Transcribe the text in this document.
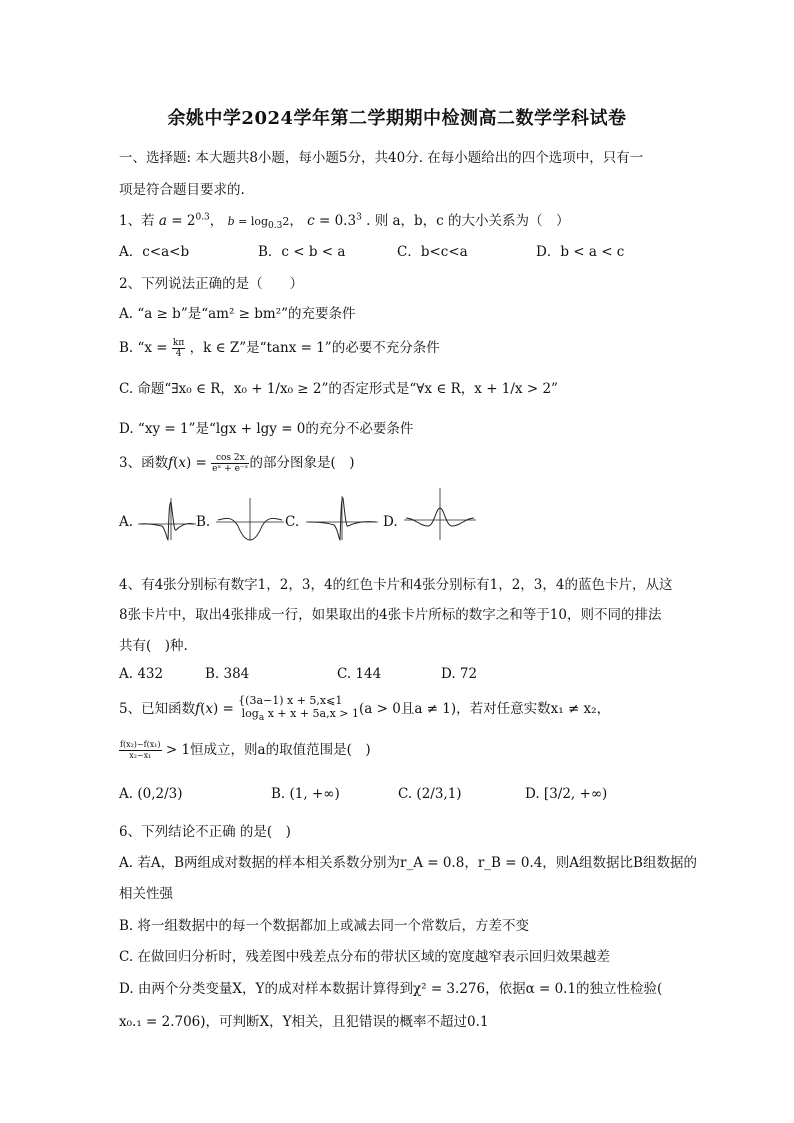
余姚中学2024学年第二学期期中检测高二数学学科试卷
一、选择题: 本大题共8小题，每小题5分，共40分. 在每小题给出的四个选项中，只有一
项是符合题目要求的.
1、若 $a = 2^{0.3}$， $b = \log_{0.3}2$， $c = 0.3^3$ . 则 a，b，c 的大小关系为（　）
A．c<a<b	B．c < b < a	C．b<c<a	D．b < a < c
2、下列说法正确的是（　　）
A. “a ≥ b”是“am² ≥ bm²”的充要条件
B. “$x = \frac{k\pi}{4}$ ，k ∈ Z”是“tanx = 1”的必要不充分条件
C. 命题“∃x₀ ∈ R，x₀ + 1/x₀ ≥ 2”的否定形式是“∀x ∈ R，x + 1/x > 2”
D. “xy = 1”是“lgx + lgy = 0的充分不必要条件
3、函数$f(x) = \frac{\cos 2x}{\text{eˣ + e⁻ˣ}}$ 的部分图象是(　)
A.	B.	C.	D.
4、有4张分别标有数字1，2，3，4的红色卡片和4张分别标有1，2，3，4的蓝色卡片，从这
8张卡片中，取出4张排成一行，如果取出的4张卡片所标的数字之和等于10，则不同的排法
共有(　)种.
A. 432	B. 384	C. 144	D. 72
5、已知函数f(x) = {(3a−1) x + 5,x⩽1
$\log_a x + x + 5a,x > 1(a > 0$且a ≠ 1)，若对任意实数x₁ ≠ x₂，
$\frac{\text{f(x₂)−f(x₁)}}{\text{x₂−x₁}} > 1$恒成立，则a的取值范围是(　)
A. (0,2/3)	B. (1, +∞)	C. (2/3,1)	D. [3/2, +∞)
6、下列结论不正确 的是(　)
A. 若A，B两组成对数据的样本相关系数分别为r_A = 0.8，r_B = 0.4，则A组数据比B组数据的
相关性强
B. 将一组数据中的每一个数据都加上或减去同一个常数后，方差不变
C. 在做回归分析时，残差图中残差点分布的带状区域的宽度越窄表示回归效果越差
D. 由两个分类变量X，Y的成对样本数据计算得到χ² = 3.276，依据α = 0.1的独立性检验(
x₀.₁ = 2.706)，可判断X，Y相关，且犯错误的概率不超过0.1
